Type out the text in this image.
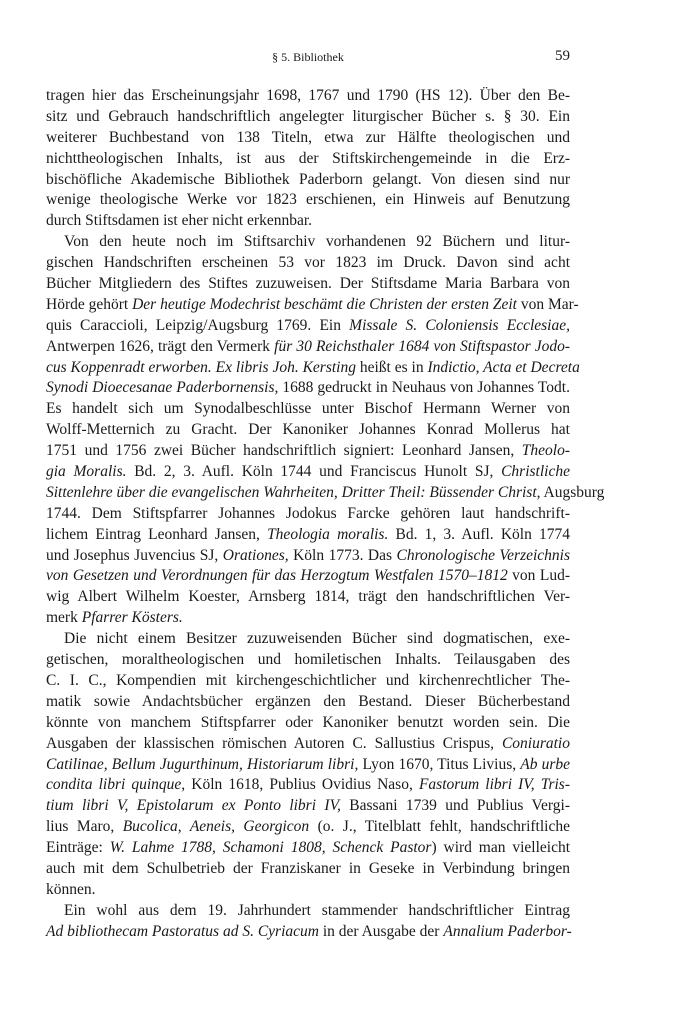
§ 5. Bibliothek	59
tragen hier das Erscheinungsjahr 1698, 1767 und 1790 (HS 12). Über den Be-
sitz und Gebrauch handschriftlich angelegter liturgischer Bücher s. § 30. Ein
weiterer Buchbestand von 138 Titeln, etwa zur Hälfte theologischen und
nichttheologischen Inhalts, ist aus der Stiftskirchengemeinde in die Erz-
bischöfliche Akademische Bibliothek Paderborn gelangt. Von diesen sind nur
wenige theologische Werke vor 1823 erschienen, ein Hinweis auf Benutzung
durch Stiftsdamen ist eher nicht erkennbar.
Von den heute noch im Stiftsarchiv vorhandenen 92 Büchern und litur-
gischen Handschriften erscheinen 53 vor 1823 im Druck. Davon sind acht
Bücher Mitgliedern des Stiftes zuzuweisen. Der Stiftsdame Maria Barbara von
Hörde gehört Der heutige Modechrist beschämt die Christen der ersten Zeit von Mar-
quis Caraccioli, Leipzig/Augsburg 1769. Ein Missale S. Coloniensis Ecclesiae,
Antwerpen 1626, trägt den Vermerk für 30 Reichsthaler 1684 von Stiftspastor Jodo-
cus Koppenradt erworben. Ex libris Joh. Kersting heißt es in Indictio, Acta et Decreta
Synodi Dioecesanae Paderbornensis, 1688 gedruckt in Neuhaus von Johannes Todt.
Es handelt sich um Synodalbeschlüsse unter Bischof Hermann Werner von
Wolff-Metternich zu Gracht. Der Kanoniker Johannes Konrad Mollerus hat
1751 und 1756 zwei Bücher handschriftlich signiert: Leonhard Jansen, Theolo-
gia Moralis. Bd. 2, 3. Aufl. Köln 1744 und Franciscus Hunolt SJ, Christliche
Sittenlehre über die evangelischen Wahrheiten, Dritter Theil: Büssender Christ, Augsburg
1744. Dem Stiftspfarrer Johannes Jodokus Farcke gehören laut handschrift-
lichem Eintrag Leonhard Jansen, Theologia moralis. Bd. 1, 3. Aufl. Köln 1774
und Josephus Juvencius SJ, Orationes, Köln 1773. Das Chronologische Verzeichnis
von Gesetzen und Verordnungen für das Herzogtum Westfalen 1570–1812 von Lud-
wig Albert Wilhelm Koester, Arnsberg 1814, trägt den handschriftlichen Ver-
merk Pfarrer Kösters.
Die nicht einem Besitzer zuzuweisenden Bücher sind dogmatischen, exe-
getischen, moraltheologischen und homiletischen Inhalts. Teilausgaben des
C. I. C., Kompendien mit kirchengeschichtlicher und kirchenrechtlicher The-
matik sowie Andachtsbücher ergänzen den Bestand. Dieser Bücherbestand
könnte von manchem Stiftspfarrer oder Kanoniker benutzt worden sein. Die
Ausgaben der klassischen römischen Autoren C. Sallustius Crispus, Coniuratio
Catilinae, Bellum Jugurthinum, Historiarum libri, Lyon 1670, Titus Livius, Ab urbe
condita libri quinque, Köln 1618, Publius Ovidius Naso, Fastorum libri IV, Tris-
tium libri V, Epistolarum ex Ponto libri IV, Bassani 1739 und Publius Vergi-
lius Maro, Bucolica, Aeneis, Georgicon (o. J., Titelblatt fehlt, handschriftliche
Einträge: W. Lahme 1788, Schamoni 1808, Schenck Pastor) wird man vielleicht
auch mit dem Schulbetrieb der Franziskaner in Geseke in Verbindung bringen
können.
Ein wohl aus dem 19. Jahrhundert stammender handschriftlicher Eintrag
Ad bibliothecam Pastoratus ad S. Cyriacum in der Ausgabe der Annalium Paderbor-
